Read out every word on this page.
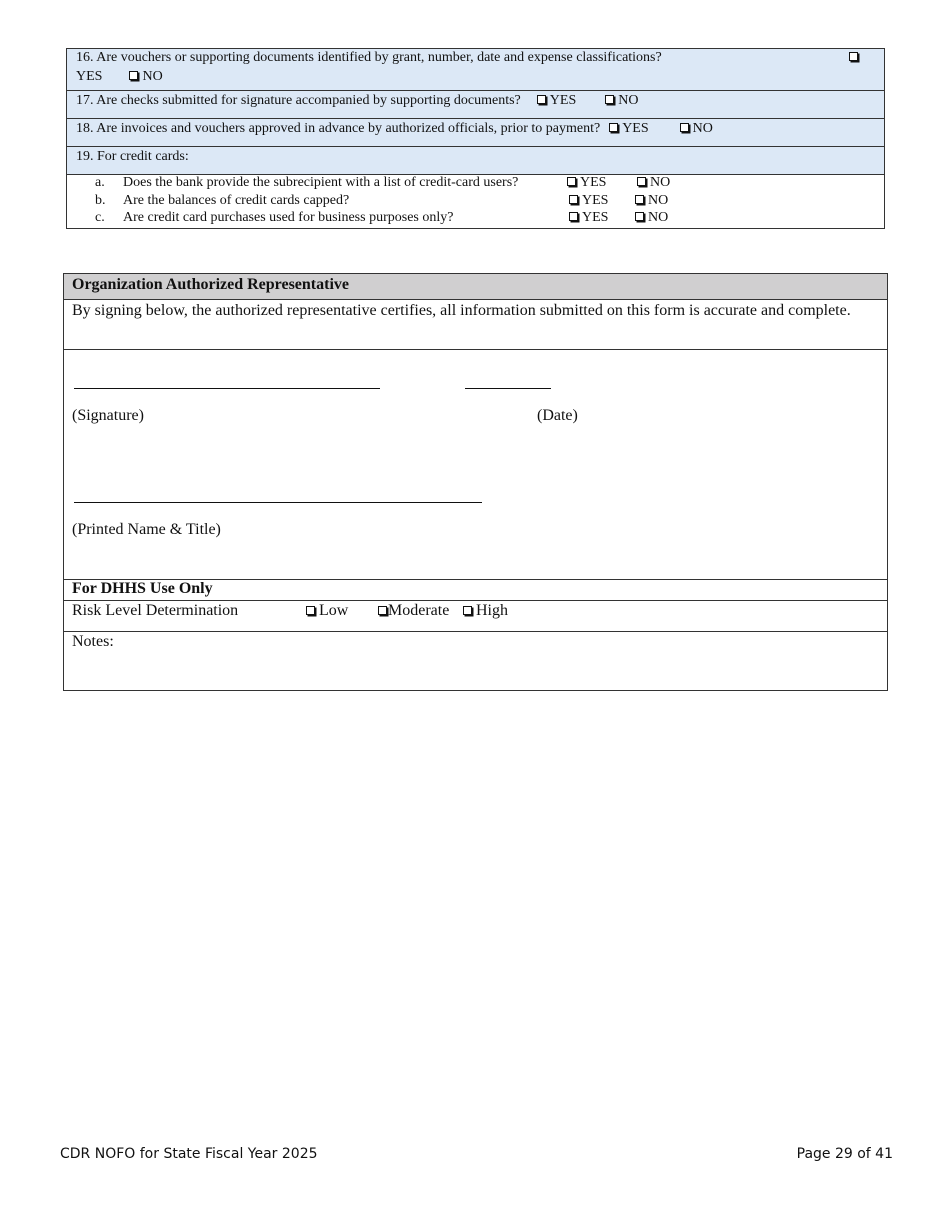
16. Are vouchers or supporting documents identified by grant, number, date and expense classifications?
YES	NO
17. Are checks submitted for signature accompanied by supporting documents? YES	NO
18. Are invoices and vouchers approved in advance by authorized officials, prior to payment? YES	NO
19. For credit cards:
a. Does the bank provide the subrecipient with a list of credit-card users?	YES	NO
b. Are the balances of credit cards capped?	YES	NO
c. Are credit card purchases used for business purposes only?	YES	NO
Organization Authorized Representative
By signing below, the authorized representative certifies, all information submitted on this form is accurate and complete.
(Signature)	(Date)
(Printed Name & Title)
For DHHS Use Only
Risk Level Determination	Low	Moderate	High
Notes:
CDR NOFO for State Fiscal Year 2025	Page 29 of 41
